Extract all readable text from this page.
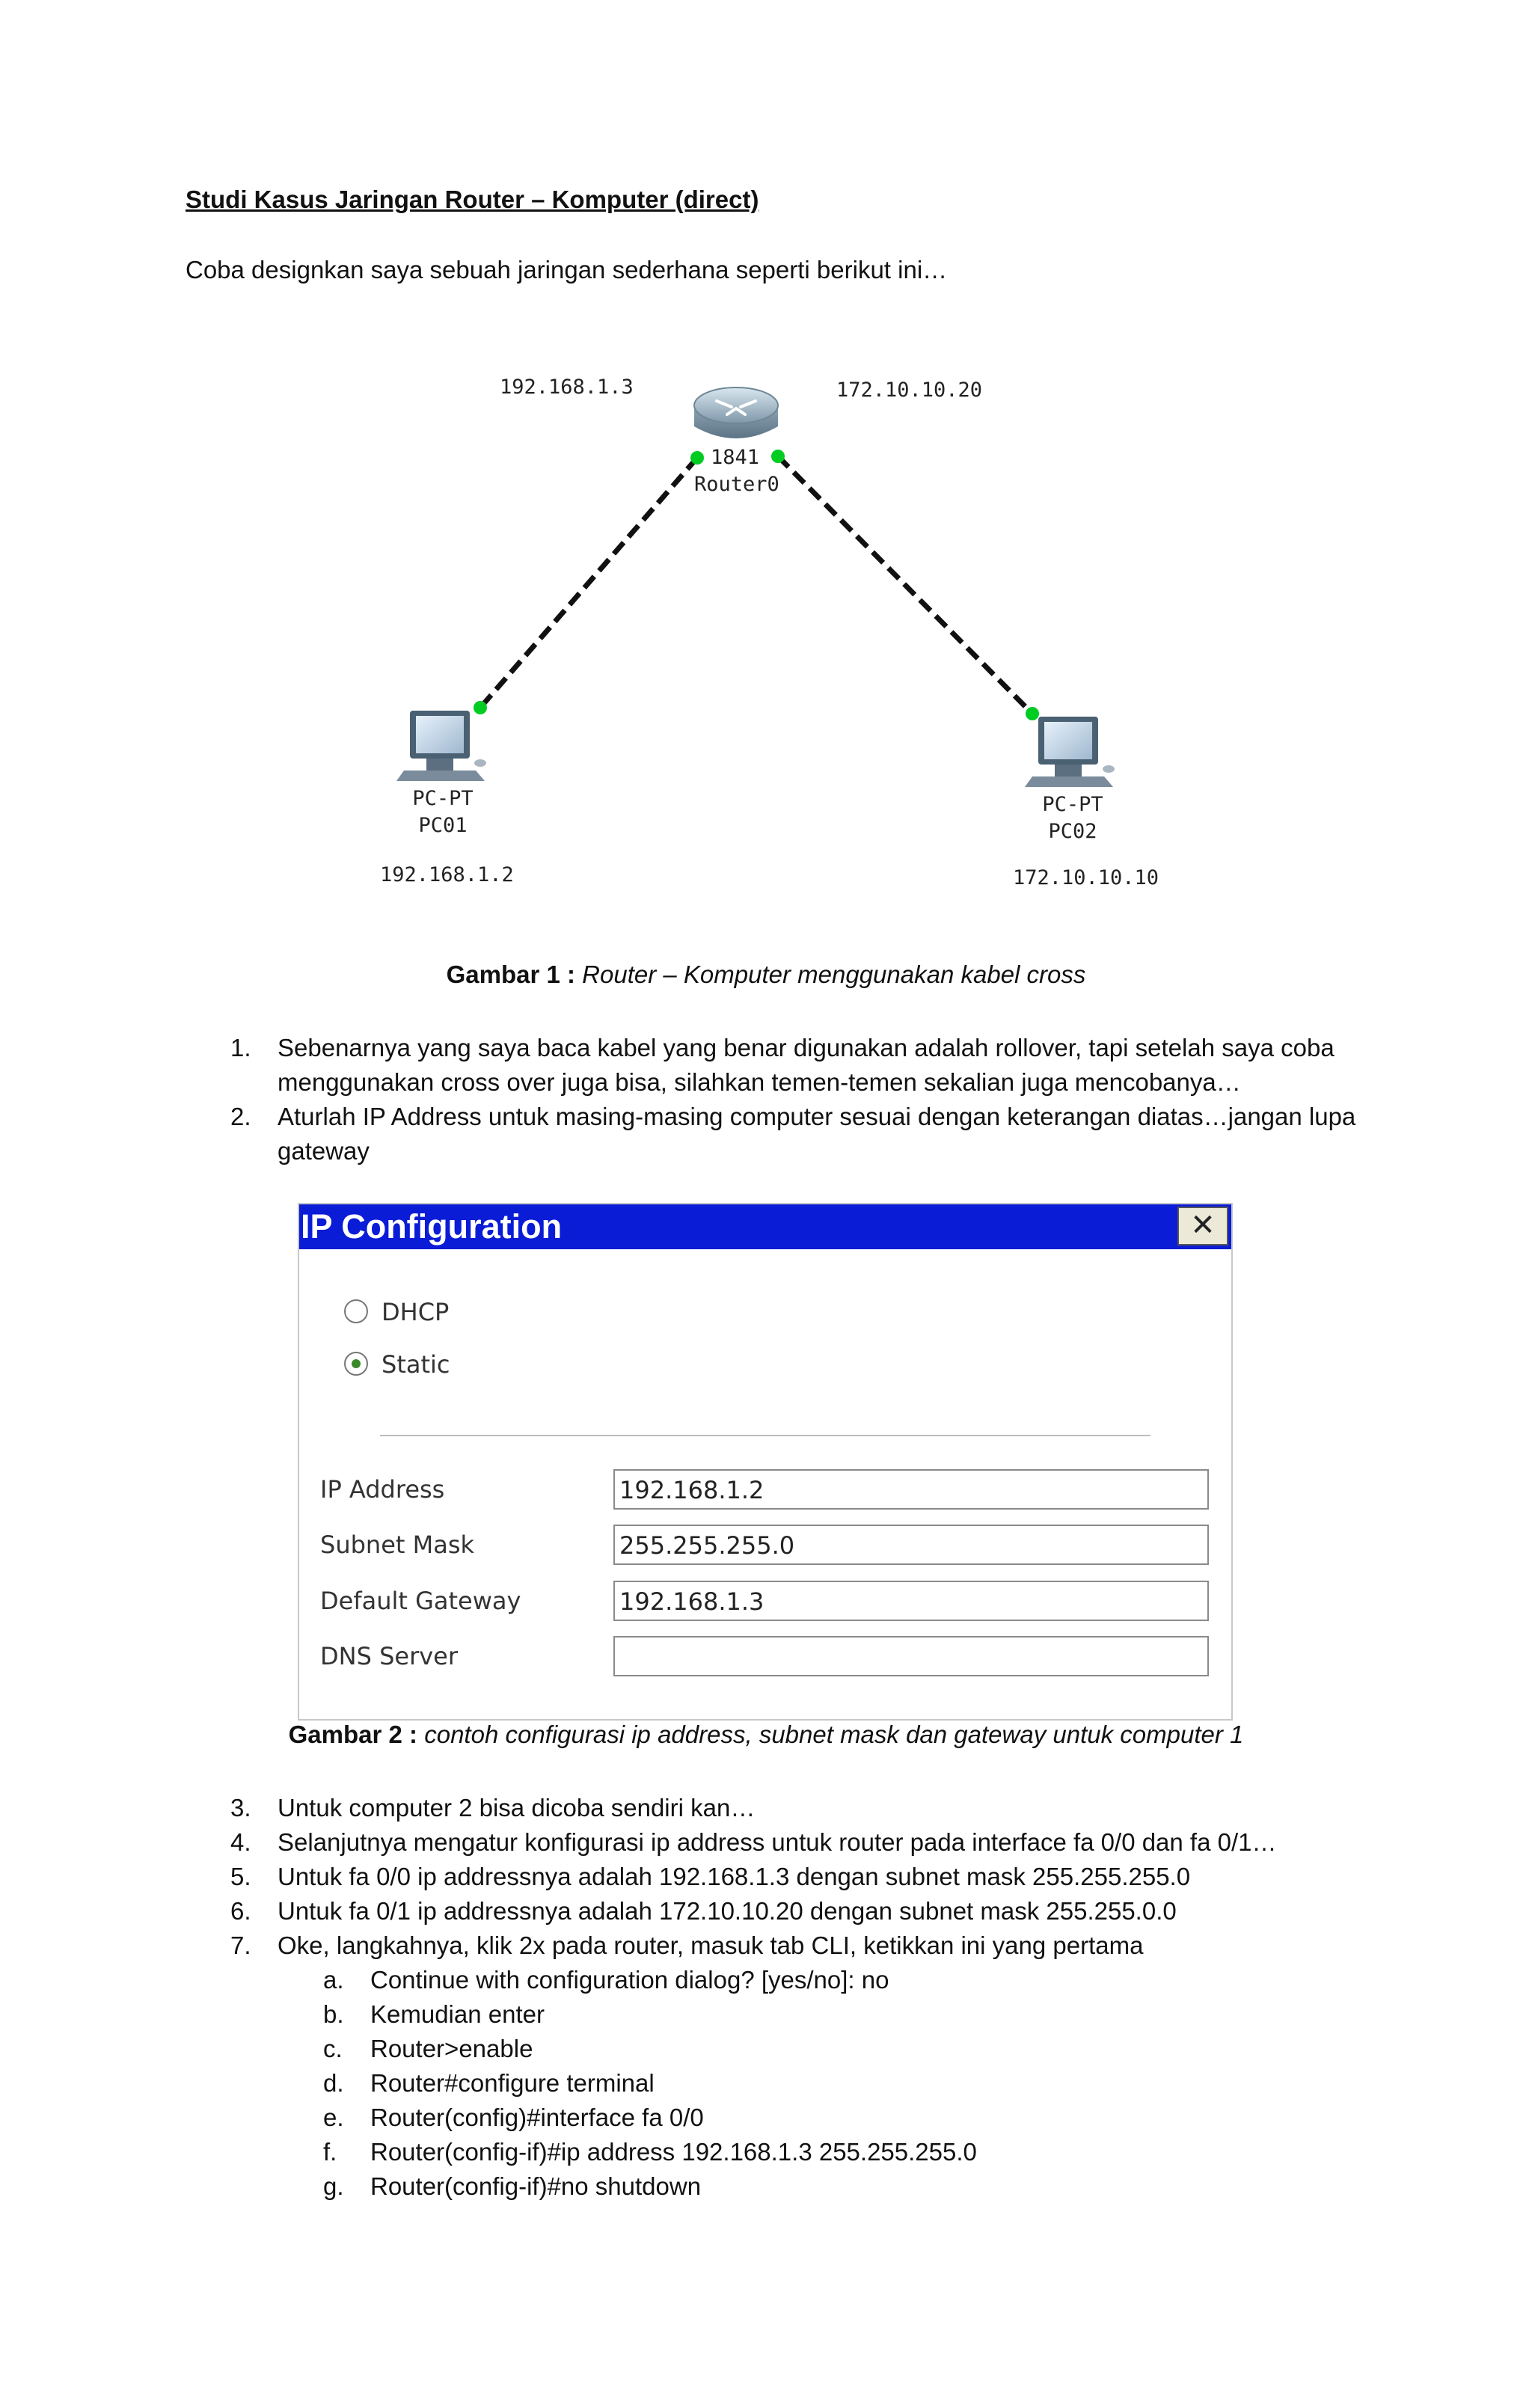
Studi Kasus Jaringan Router – Komputer (direct)
Coba designkan saya sebuah jaringan sederhana seperti berikut ini…
192.168.1.3	172.10.10.20
1841
Router0
PC-PT
PC01
192.168.1.2
PC-PT
PC02
172.10.10.10
Gambar 1 : Router – Komputer menggunakan kabel cross
1.	Sebenarnya yang saya baca kabel yang benar digunakan adalah rollover, tapi setelah saya coba menggunakan cross over juga bisa, silahkan temen-temen sekalian juga mencobanya…
2.	Aturlah IP Address untuk masing-masing computer sesuai dengan keterangan diatas…jangan lupa gateway
IP Configuration	✕
DHCP
Static
IP Address	192.168.1.2
Subnet Mask	255.255.255.0
Default Gateway	192.168.1.3
DNS Server
Gambar 2 : contoh configurasi ip address, subnet mask dan gateway untuk computer 1
3.	Untuk computer 2 bisa dicoba sendiri kan…
4.	Selanjutnya mengatur konfigurasi ip address untuk router pada interface fa 0/0 dan fa 0/1…
5.	Untuk fa 0/0 ip addressnya adalah 192.168.1.3 dengan subnet mask 255.255.255.0
6.	Untuk fa 0/1 ip addressnya adalah 172.10.10.20 dengan subnet mask 255.255.0.0
7.	Oke, langkahnya, klik 2x pada router, masuk tab CLI, ketikkan ini yang pertama
a. Continue with configuration dialog? [yes/no]: no
b. Kemudian enter
c. Router>enable
d. Router#configure terminal
e. Router(config)#interface fa 0/0
f. Router(config-if)#ip address 192.168.1.3 255.255.255.0
g. Router(config-if)#no shutdown
